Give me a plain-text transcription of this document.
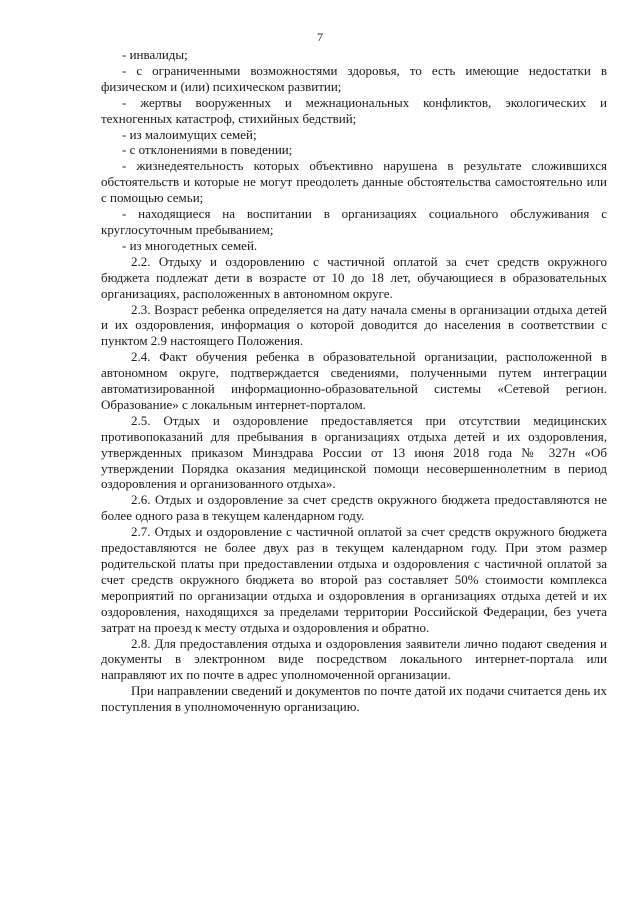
7

- инвалиды;

- с ограниченными возможностями здоровья, то есть имеющие недостатки в физическом и (или) психическом развитии;

- жертвы вооруженных и межнациональных конфликтов, экологических и техногенных катастроф, стихийных бедствий;

- из малоимущих семей;

- с отклонениями в поведении;

- жизнедеятельность которых объективно нарушена в результате сложившихся обстоятельств и которые не могут преодолеть данные обстоятельства самостоятельно или с помощью семьи;

- находящиеся на воспитании в организациях социального обслуживания с круглосуточным пребыванием;

- из многодетных семей.

2.2. Отдыху и оздоровлению с частичной оплатой за счет средств окружного бюджета подлежат дети в возрасте от 10 до 18 лет, обучающиеся в образовательных организациях, расположенных в автономном округе.

2.3. Возраст ребенка определяется на дату начала смены в организации отдыха детей и их оздоровления, информация о которой доводится до населения в соответствии с пунктом 2.9 настоящего Положения.

2.4. Факт обучения ребенка в образовательной организации, расположенной в автономном округе, подтверждается сведениями, полученными путем интеграции автоматизированной информационно-образовательной системы «Сетевой регион. Образование» с локальным интернет-порталом.

2.5. Отдых и оздоровление предоставляется при отсутствии медицинских противопоказаний для пребывания в организациях отдыха детей и их оздоровления, утвержденных приказом Минздрава России от 13 июня 2018 года № 327н «Об утверждении Порядка оказания медицинской помощи несовершеннолетним в период оздоровления и организованного отдыха».

2.6. Отдых и оздоровление за счет средств окружного бюджета предоставляются не более одного раза в текущем календарном году.

2.7. Отдых и оздоровление с частичной оплатой за счет средств окружного бюджета предоставляются не более двух раз в текущем календарном году. При этом размер родительской платы при предоставлении отдыха и оздоровления с частичной оплатой за счет средств окружного бюджета во второй раз составляет 50% стоимости комплекса мероприятий по организации отдыха и оздоровления в организациях отдыха детей и их оздоровления, находящихся за пределами территории Российской Федерации, без учета затрат на проезд к месту отдыха и оздоровления и обратно.

2.8. Для предоставления отдыха и оздоровления заявители лично подают сведения и документы в электронном виде посредством локального интернет-портала или направляют их по почте в адрес уполномоченной организации.

При направлении сведений и документов по почте датой их подачи считается день их поступления в уполномоченную организацию.
